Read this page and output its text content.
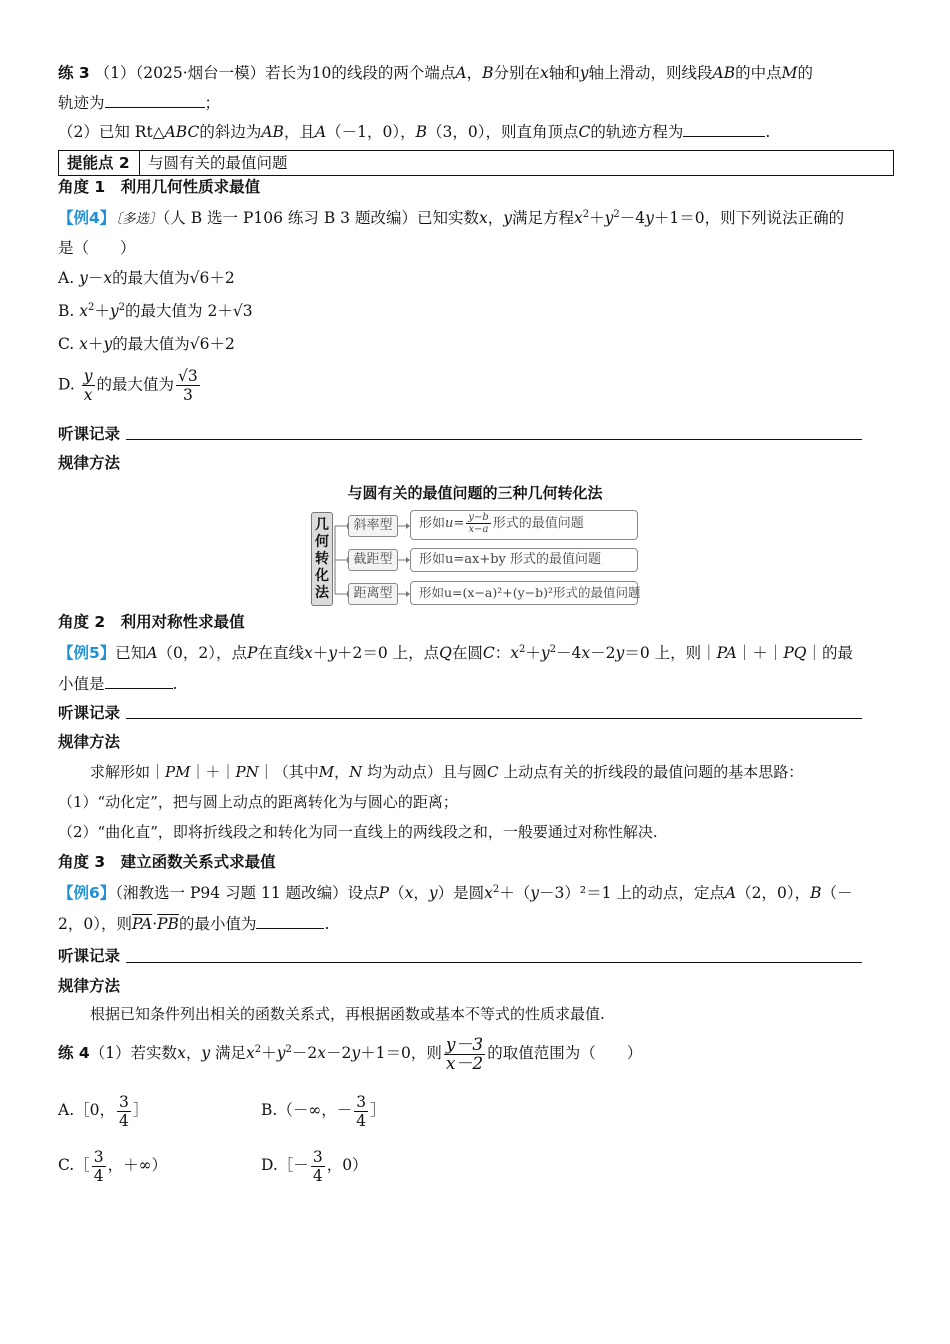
练 3 （1）（2025·烟台一模）若长为10的线段的两个端点A，B分别在x轴和y轴上滑动，则线段AB的中点M的
轨迹为	；
（2）已知 Rt△ABC的斜边为AB，且A（－1，0），B（3，0），则直角顶点C的轨迹方程为	.
提能点 2	与圆有关的最值问题
角度 1　利用几何性质求最值
【例4】〔多选〕（人 B 选一 P106 练习 B 3 题改编）已知实数x，y满足方程$x^2+y^2-4y+1=0$，则下列说法正确的
是（　　）
A. y－x的最大值为√6＋2
B. $x^2+y^2$的最大值为 2＋√3
C. x＋y的最大值为√6＋2
D. $\frac{y}{x}$ 的最大值为 $\frac{√3}{3}$
听课记录
规律方法
与圆有关的最值问题的三种几何转化法
几
何
转
化
法
斜率型
截距型
距离型
形如$u= \frac{y-b}{x-a}$ 形式的最值问题
形如u=ax+by 形式的最值问题
形如u=(x−a)²+(y−b)²形式的最值问题
角度 2　利用对称性求最值
【例5】已知A（0，2），点P在直线x＋y＋2＝0 上，点Q在圆C：$x^2+y^2-4x-2y=0$ 上，则｜PA｜＋｜PQ｜的最
小值是	.
听课记录
规律方法
求解形如｜PM｜＋｜PN｜（其中M，N 均为动点）且与圆C 上动点有关的折线段的最值问题的基本思路：
（1）“动化定”，把与圆上动点的距离转化为与圆心的距离；
（2）“曲化直”，即将折线段之和转化为同一直线上的两线段之和，一般要通过对称性解决.
角度 3　建立函数关系式求最值
【例6】（湘教选一 P94 习题 11 题改编）设点P（x，y）是圆$x^2+(y-3)^2=1$ 上的动点，定点A（2，0），B（－
2，0），则$\overline{PA}\cdot\overline{PB}$的最小值为	.
听课记录
规律方法
根据已知条件列出相关的函数关系式，再根据函数或基本不等式的性质求最值.
练 4（1）若实数x，y 满足$x^2+y^2-2x-2y+1=0$，则 $\frac{y-3}{x-2}$ 的取值范围为（　　）
A.［0， $\frac{3}{4}$ ］	B.（－∞，－ $\frac{3}{4}$ ］
C.［ $\frac{3}{4}$ ，＋∞）	D.［－ $\frac{3}{4}$ ，0）
